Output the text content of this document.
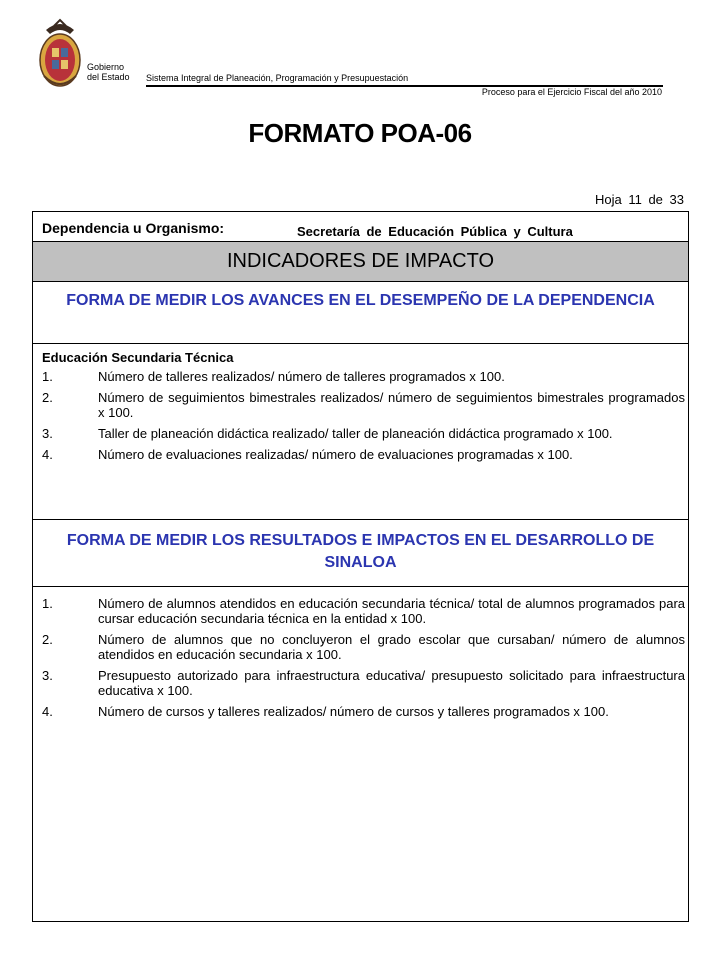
Gobierno
del Estado Sistema Integral de Planeación, Programación y Presupuestación
Proceso para el Ejercicio Fiscal del año 2010
FORMATO POA-06
Hoja 11 de 33
Dependencia u Organismo:	Secretaría de Educación Pública y Cultura
INDICADORES DE IMPACTO
FORMA DE MEDIR LOS AVANCES EN EL DESEMPEÑO DE LA DEPENDENCIA
Educación Secundaria Técnica
1.	Número de talleres realizados/ número de talleres programados x 100.
2.	Número de seguimientos bimestrales realizados/ número de seguimientos bimestrales programados x 100.
3.	Taller de planeación didáctica realizado/ taller de planeación didáctica programado x 100.
4.	Número de evaluaciones realizadas/ número de evaluaciones programadas x 100.
FORMA DE MEDIR LOS RESULTADOS E IMPACTOS EN EL DESARROLLO DE SINALOA
1.	Número de alumnos atendidos en educación secundaria técnica/ total de alumnos programados para cursar educación secundaria técnica en la entidad x 100.
2.	Número de alumnos que no concluyeron el grado escolar que cursaban/ número de alumnos atendidos en educación secundaria x 100.
3.	Presupuesto autorizado para infraestructura educativa/ presupuesto solicitado para infraestructura educativa x 100.
4.	Número de cursos y talleres realizados/ número de cursos y talleres programados x 100.
